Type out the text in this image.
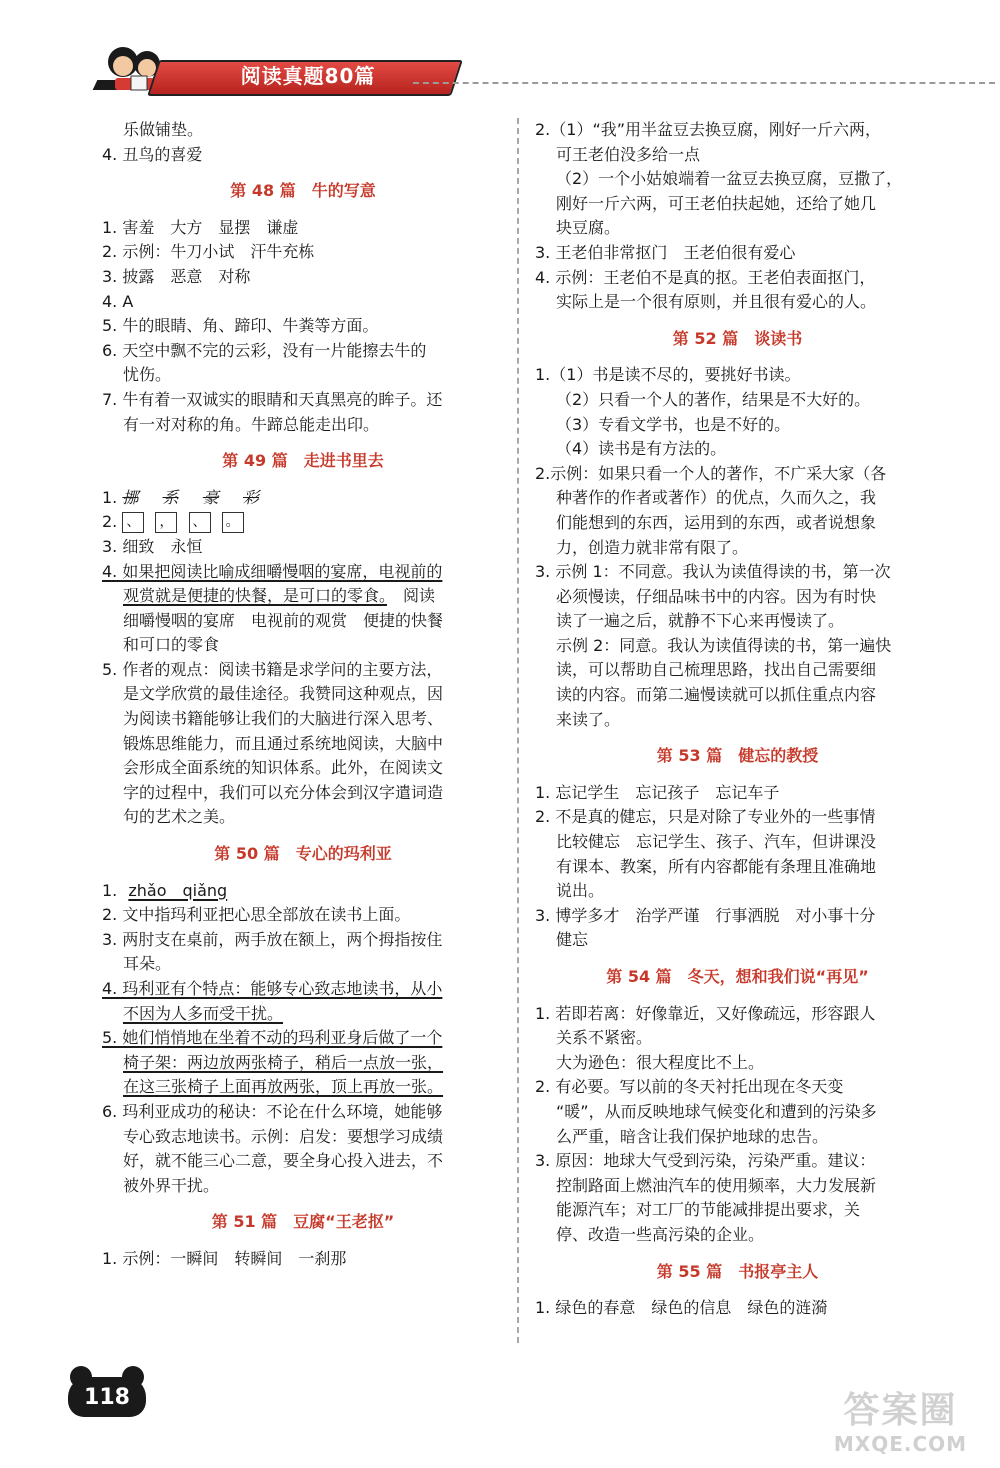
阅读真题80篇
乐做铺垫。
4. 丑鸟的喜爱
第 48 篇　牛的写意
1. 害羞　大方　显摆　谦虚
2. 示例：牛刀小试　汗牛充栋
3. 披露　恶意　对称
4. A
5. 牛的眼睛、角、蹄印、牛粪等方面。
6. 天空中飘不完的云彩，没有一片能擦去牛的
忧伤。
7. 牛有着一双诚实的眼睛和天真黑亮的眸子。还
有一对对称的角。牛蹄总能走出印。
第 49 篇　走进书里去
1. 挪 系 豪 彩
2. 、 ， 、 。
3. 细致　永恒
4. 如果把阅读比喻成细嚼慢咽的宴席，电视前的
观赏就是便捷的快餐，是可口的零食。　阅读
细嚼慢咽的宴席　电视前的观赏　便捷的快餐
和可口的零食
5. 作者的观点：阅读书籍是求学问的主要方法，
是文学欣赏的最佳途径。我赞同这种观点，因
为阅读书籍能够让我们的大脑进行深入思考、
锻炼思维能力，而且通过系统地阅读，大脑中
会形成全面系统的知识体系。此外，在阅读文
字的过程中，我们可以充分体会到汉字遣词造
句的艺术之美。
第 50 篇　专心的玛利亚
1. zhǎo　qiǎng
2. 文中指玛利亚把心思全部放在读书上面。
3. 两肘支在桌前，两手放在额上，两个拇指按住
耳朵。
4. 玛利亚有个特点：能够专心致志地读书，从小
不因为人多而受干扰。
5. 她们悄悄地在坐着不动的玛利亚身后做了一个
椅子架：两边放两张椅子，稍后一点放一张，
在这三张椅子上面再放两张，顶上再放一张。
6. 玛利亚成功的秘诀：不论在什么环境，她能够
专心致志地读书。示例：启发：要想学习成绩
好，就不能三心二意，要全身心投入进去，不
被外界干扰。
第 51 篇　豆腐“王老抠”
1. 示例：一瞬间　转瞬间　一刹那
2.（1）“我”用半盆豆去换豆腐，刚好一斤六两，
可王老伯没多给一点
（2）一个小姑娘端着一盆豆去换豆腐，豆撒了，
刚好一斤六两，可王老伯扶起她，还给了她几
块豆腐。
3. 王老伯非常抠门　王老伯很有爱心
4. 示例：王老伯不是真的抠。王老伯表面抠门，
实际上是一个很有原则，并且很有爱心的人。
第 52 篇　谈读书
1.（1）书是读不尽的，要挑好书读。
（2）只看一个人的著作，结果是不大好的。
（3）专看文学书，也是不好的。
（4）读书是有方法的。
2.示例：如果只看一个人的著作，不广采大家（各
种著作的作者或著作）的优点，久而久之，我
们能想到的东西，运用到的东西，或者说想象
力，创造力就非常有限了。
3. 示例 1：不同意。我认为读值得读的书，第一次
必须慢读，仔细品味书中的内容。因为有时快
读了一遍之后，就静不下心来再慢读了。
示例 2：同意。我认为读值得读的书，第一遍快
读，可以帮助自己梳理思路，找出自己需要细
读的内容。而第二遍慢读就可以抓住重点内容
来读了。
第 53 篇　健忘的教授
1. 忘记学生　忘记孩子　忘记车子
2. 不是真的健忘，只是对除了专业外的一些事情
比较健忘　忘记学生、孩子、汽车，但讲课没
有课本、教案，所有内容都能有条理且准确地
说出。
3. 博学多才　治学严谨　行事洒脱　对小事十分
健忘
第 54 篇　冬天，想和我们说“再见”
1. 若即若离：好像靠近，又好像疏远，形容跟人
关系不紧密。
大为逊色：很大程度比不上。
2. 有必要。写以前的冬天衬托出现在冬天变
“暖”，从而反映地球气候变化和遭到的污染多
么严重，暗含让我们保护地球的忠告。
3. 原因：地球大气受到污染，污染严重。建议：
控制路面上燃油汽车的使用频率，大力发展新
能源汽车；对工厂的节能减排提出要求，关
停、改造一些高污染的企业。
第 55 篇　书报亭主人
1. 绿色的春意　绿色的信息　绿色的涟漪
118	答案圈
MXQE.COM
